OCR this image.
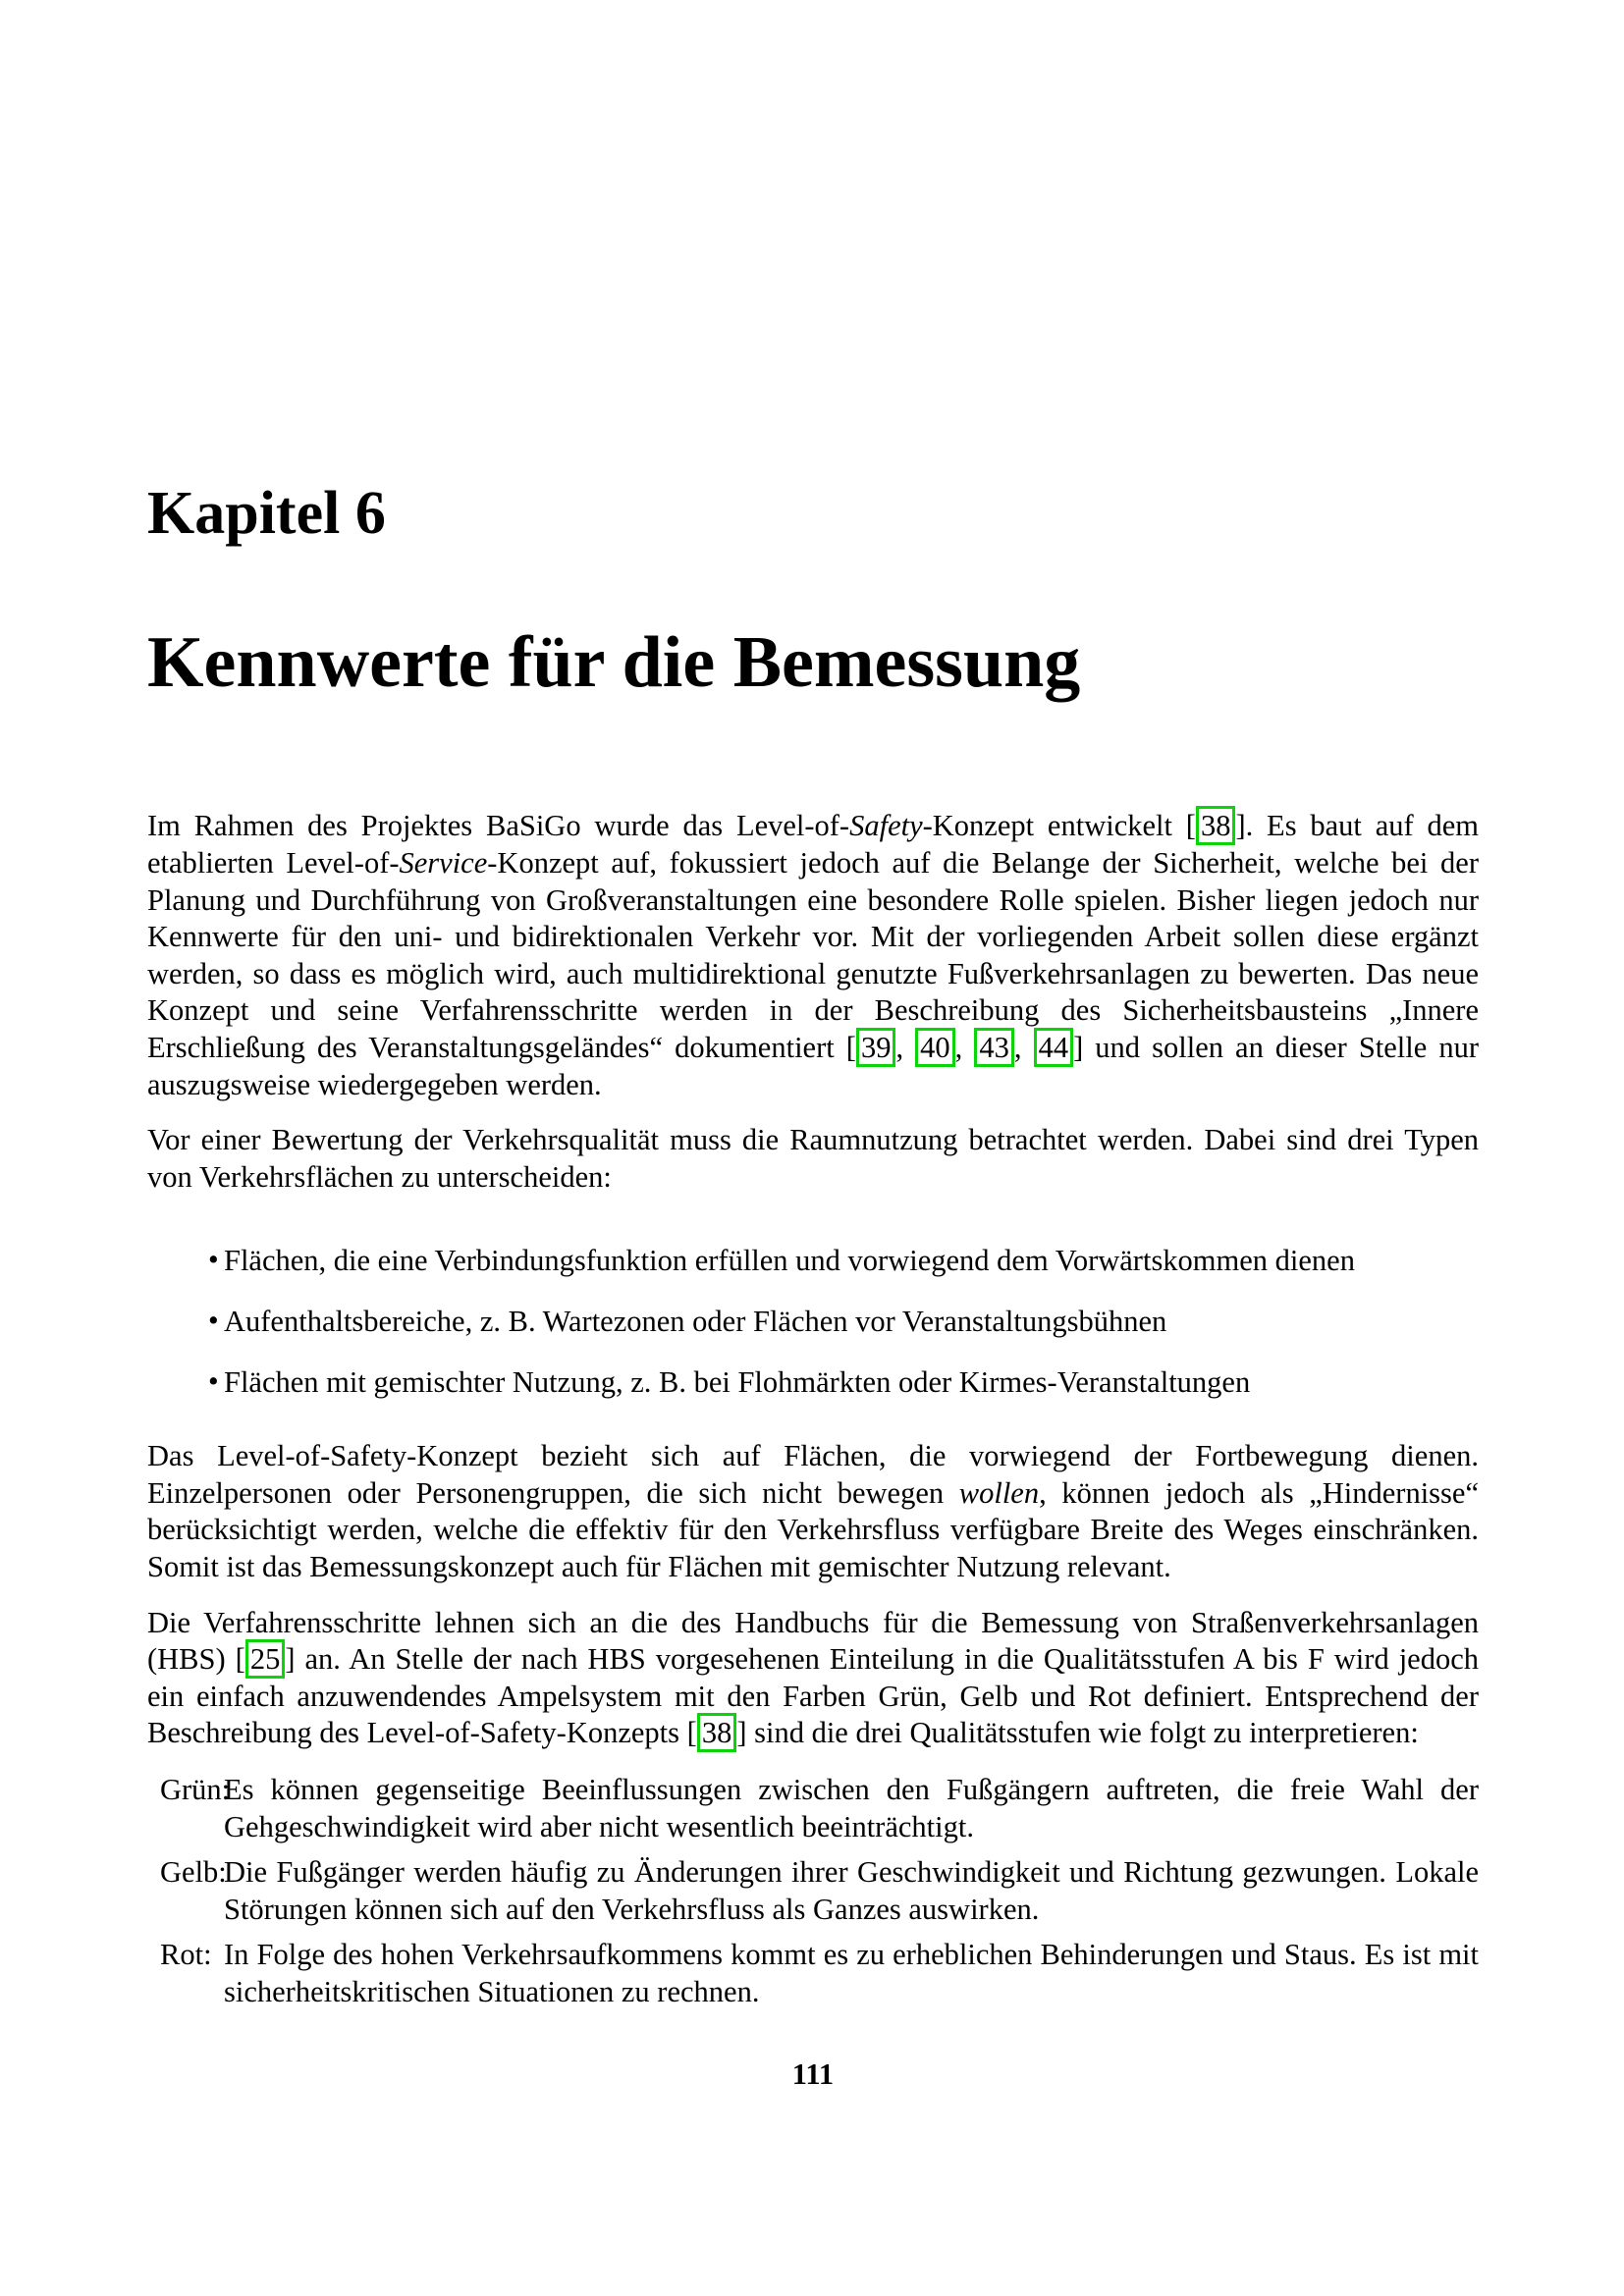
Kapitel 6
Kennwerte für die Bemessung

Im Rahmen des Projektes BaSiGo wurde das Level-of-Safety-Konzept entwickelt [ 38 ]. Es baut auf dem etablierten Level-of-Service-Konzept auf, fokussiert jedoch auf die Belange der Sicherheit, welche bei der Planung und Durchführung von Großveranstaltungen eine besondere Rolle spielen. Bisher liegen jedoch nur Kennwerte für den uni- und bidirektionalen Verkehr vor. Mit der vorliegenden Arbeit sollen diese ergänzt werden, so dass es möglich wird, auch multidirektional genutzte Fußverkehrsanlagen zu bewerten. Das neue Konzept und seine Verfahrensschritte werden in der Beschreibung des Sicherheitsbausteins „Innere Erschließung des Veranstaltungsgeländes“ dokumentiert [ 39 , 40 , 43 , 44 ] und sollen an dieser Stelle nur auszugsweise wiedergegeben werden.

Vor einer Bewertung der Verkehrsqualität muss die Raumnutzung betrachtet werden. Dabei sind drei Typen von Verkehrsflächen zu unterscheiden:

• Flächen, die eine Verbindungsfunktion erfüllen und vorwiegend dem Vorwärtskommen dienen
• Aufenthaltsbereiche, z. B. Wartezonen oder Flächen vor Veranstaltungsbühnen
• Flächen mit gemischter Nutzung, z. B. bei Flohmärkten oder Kirmes-Veranstaltungen

Das Level-of-Safety-Konzept bezieht sich auf Flächen, die vorwiegend der Fortbewegung dienen. Einzelpersonen oder Personengruppen, die sich nicht bewegen wollen, können jedoch als „Hindernisse“ berücksichtigt werden, welche die effektiv für den Verkehrsfluss verfügbare Breite des Weges einschränken. Somit ist das Bemessungskonzept auch für Flächen mit gemischter Nutzung relevant.

Die Verfahrensschritte lehnen sich an die des Handbuchs für die Bemessung von Straßenverkehrsanlagen (HBS) [ 25 ] an. An Stelle der nach HBS vorgesehenen Einteilung in die Qualitätsstufen A bis F wird jedoch ein einfach anzuwendendes Ampelsystem mit den Farben Grün, Gelb und Rot definiert. Entsprechend der Beschreibung des Level-of-Safety-Konzepts [ 38 ] sind die drei Qualitätsstufen wie folgt zu interpretieren:

Grün:
Es können gegenseitige Beeinflussungen zwischen den Fußgängern auftreten, die freie Wahl der Gehgeschwindigkeit wird aber nicht wesentlich beeinträchtigt.
Gelb:
Die Fußgänger werden häufig zu Änderungen ihrer Geschwindigkeit und Richtung gezwungen. Lokale Störungen können sich auf den Verkehrsfluss als Ganzes auswirken.
Rot: In Folge des hohen Verkehrsaufkommens kommt es zu erheblichen Behinderungen und Staus. Es ist mit sicherheitskritischen Situationen zu rechnen.
111
